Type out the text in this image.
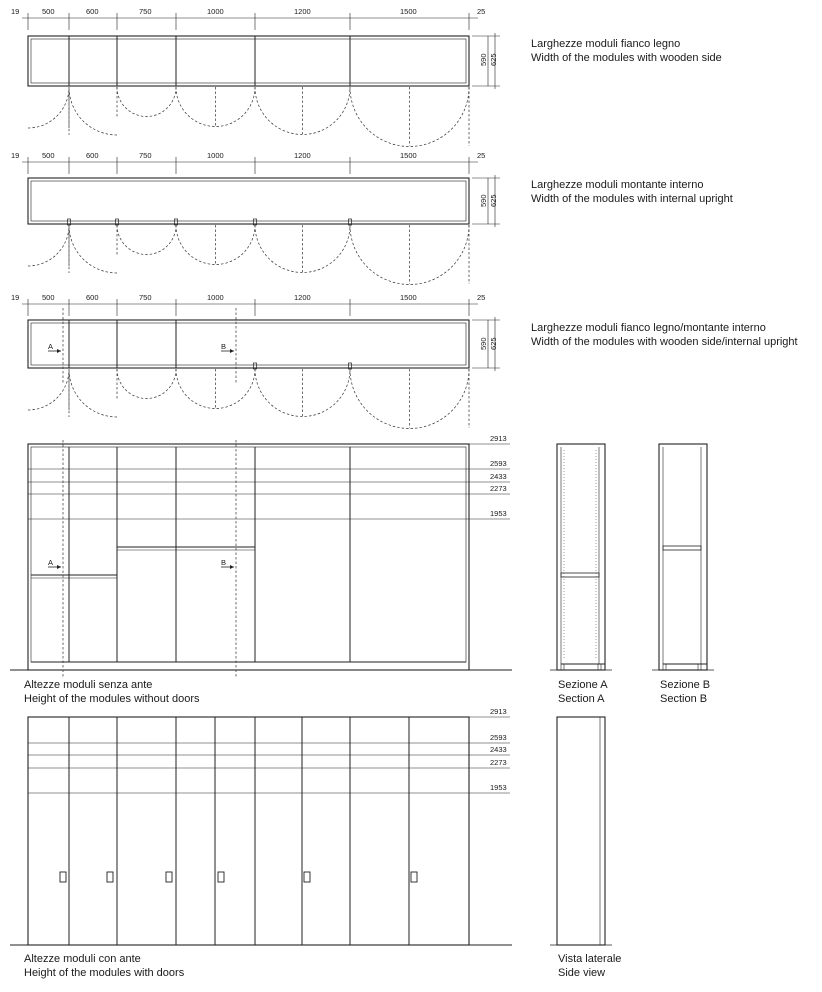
19	500	600	750	1000	1200	1500	25
590 625
Larghezze moduli fianco legno
Width of the modules with wooden side
19	500	600	750	1000	1200	1500	25
590 625
Larghezze moduli montante interno
Width of the modules with internal upright
19	500	600	750	1000	1200	1500	25
A	B	590 625
Larghezze moduli fianco legno/montante interno
Width of the modules with wooden side/internal upright
2913
2593
2433
2273
1953
A	B
Altezze moduli senza ante
Height of the modules without doors
Sezione A
Section A
Sezione B
Section B
2913
2593
2433
2273
1953
Altezze moduli con ante
Height of the modules with doors
Vista laterale
Side view
